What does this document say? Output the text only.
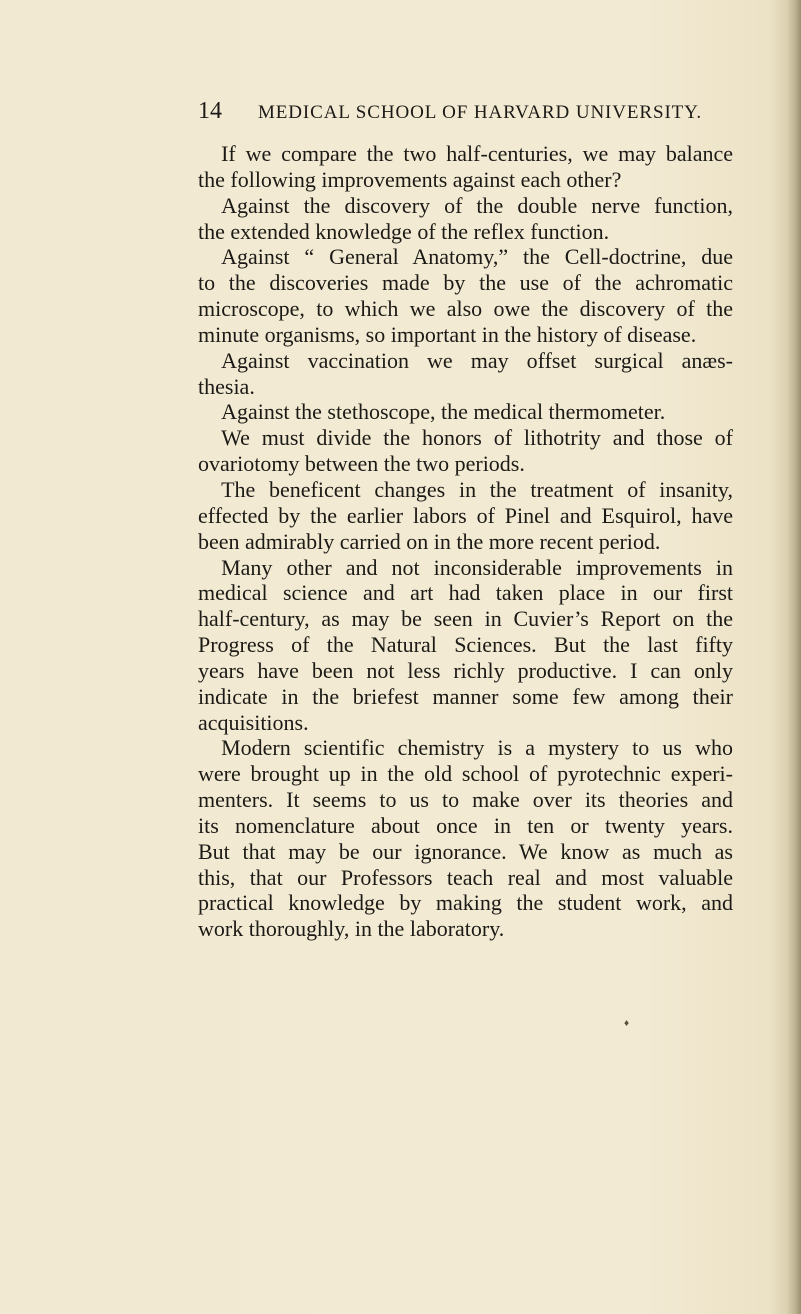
14 MEDICAL SCHOOL OF HARVARD UNIVERSITY.

If we compare the two half-centuries, we may balance
the following improvements against each other?

Against the discovery of the double nerve function,
the extended knowledge of the reflex function.

Against “ General Anatomy,” the Cell-doctrine, due
to the discoveries made by the use of the achromatic
microscope, to which we also owe the discovery of the
minute organisms, so important in the history of disease.

Against vaccination we may offset surgical anæs-
thesia.

Against the stethoscope, the medical thermometer.

We must divide the honors of lithotrity and those of
ovariotomy between the two periods.

The beneficent changes in the treatment of insanity,
effected by the earlier labors of Pinel and Esquirol, have
been admirably carried on in the more recent period.

Many other and not inconsiderable improvements in
medical science and art had taken place in our first
half-century, as may be seen in Cuvier’s Report on the
Progress of the Natural Sciences. But the last fifty
years have been not less richly productive. I can only
indicate in the briefest manner some few among their
acquisitions.

Modern scientific chemistry is a mystery to us who
were brought up in the old school of pyrotechnic experi-
menters. It seems to us to make over its theories and
its nomenclature about once in ten or twenty years.
But that may be our ignorance. We know as much as
this, that our Professors teach real and most valuable
practical knowledge by making the student work, and
work thoroughly, in the laboratory.

♦
